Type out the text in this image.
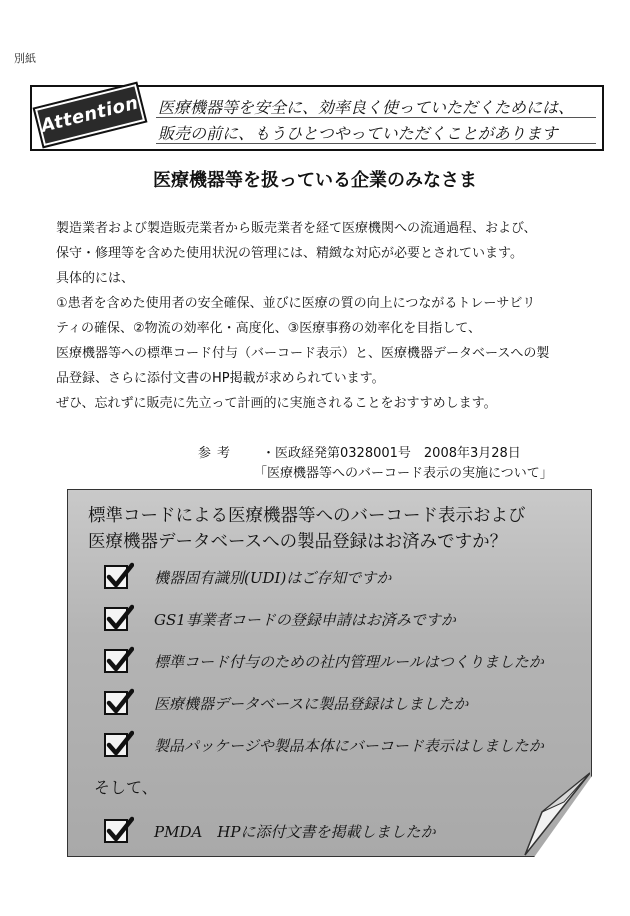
別紙
Attention! 医療機器等を安全に、効率良く使っていただくためには、
販売の前に、もうひとつやっていただくことがあります
医療機器等を扱っている企業のみなさま

製造業者および製造販売業者から販売業者を経て医療機関への流通過程、および、

保守・修理等を含めた使用状況の管理には、精緻な対応が必要とされています。

具体的には、

①患者を含めた使用者の安全確保、並びに医療の質の向上につながるトレーサビリ

ティの確保、②物流の効率化・高度化、③医療事務の効率化を目指して、

医療機器等への標準コード付与（バーコード表示）と、医療機器データベースへの製

品登録、さらに添付文書のHP掲載が求められています。

ぜひ、忘れずに販売に先立って計画的に実施されることをおすすめします。

参考	・医政経発第0328001号　2008年3月28日
「医療機器等へのバーコード表示の実施について」
標準コードによる医療機器等へのバーコード表示および
医療機器データベースへの製品登録はお済みですか？
機器固有識別(UDI)はご存知ですか
GS1事業者コードの登録申請はお済みですか
標準コード付与のための社内管理ルールはつくりましたか
医療機器データベースに製品登録はしましたか
製品パッケージや製品本体にバーコード表示はしましたか
そして、
PMDA　HPに添付文書を掲載しましたか
